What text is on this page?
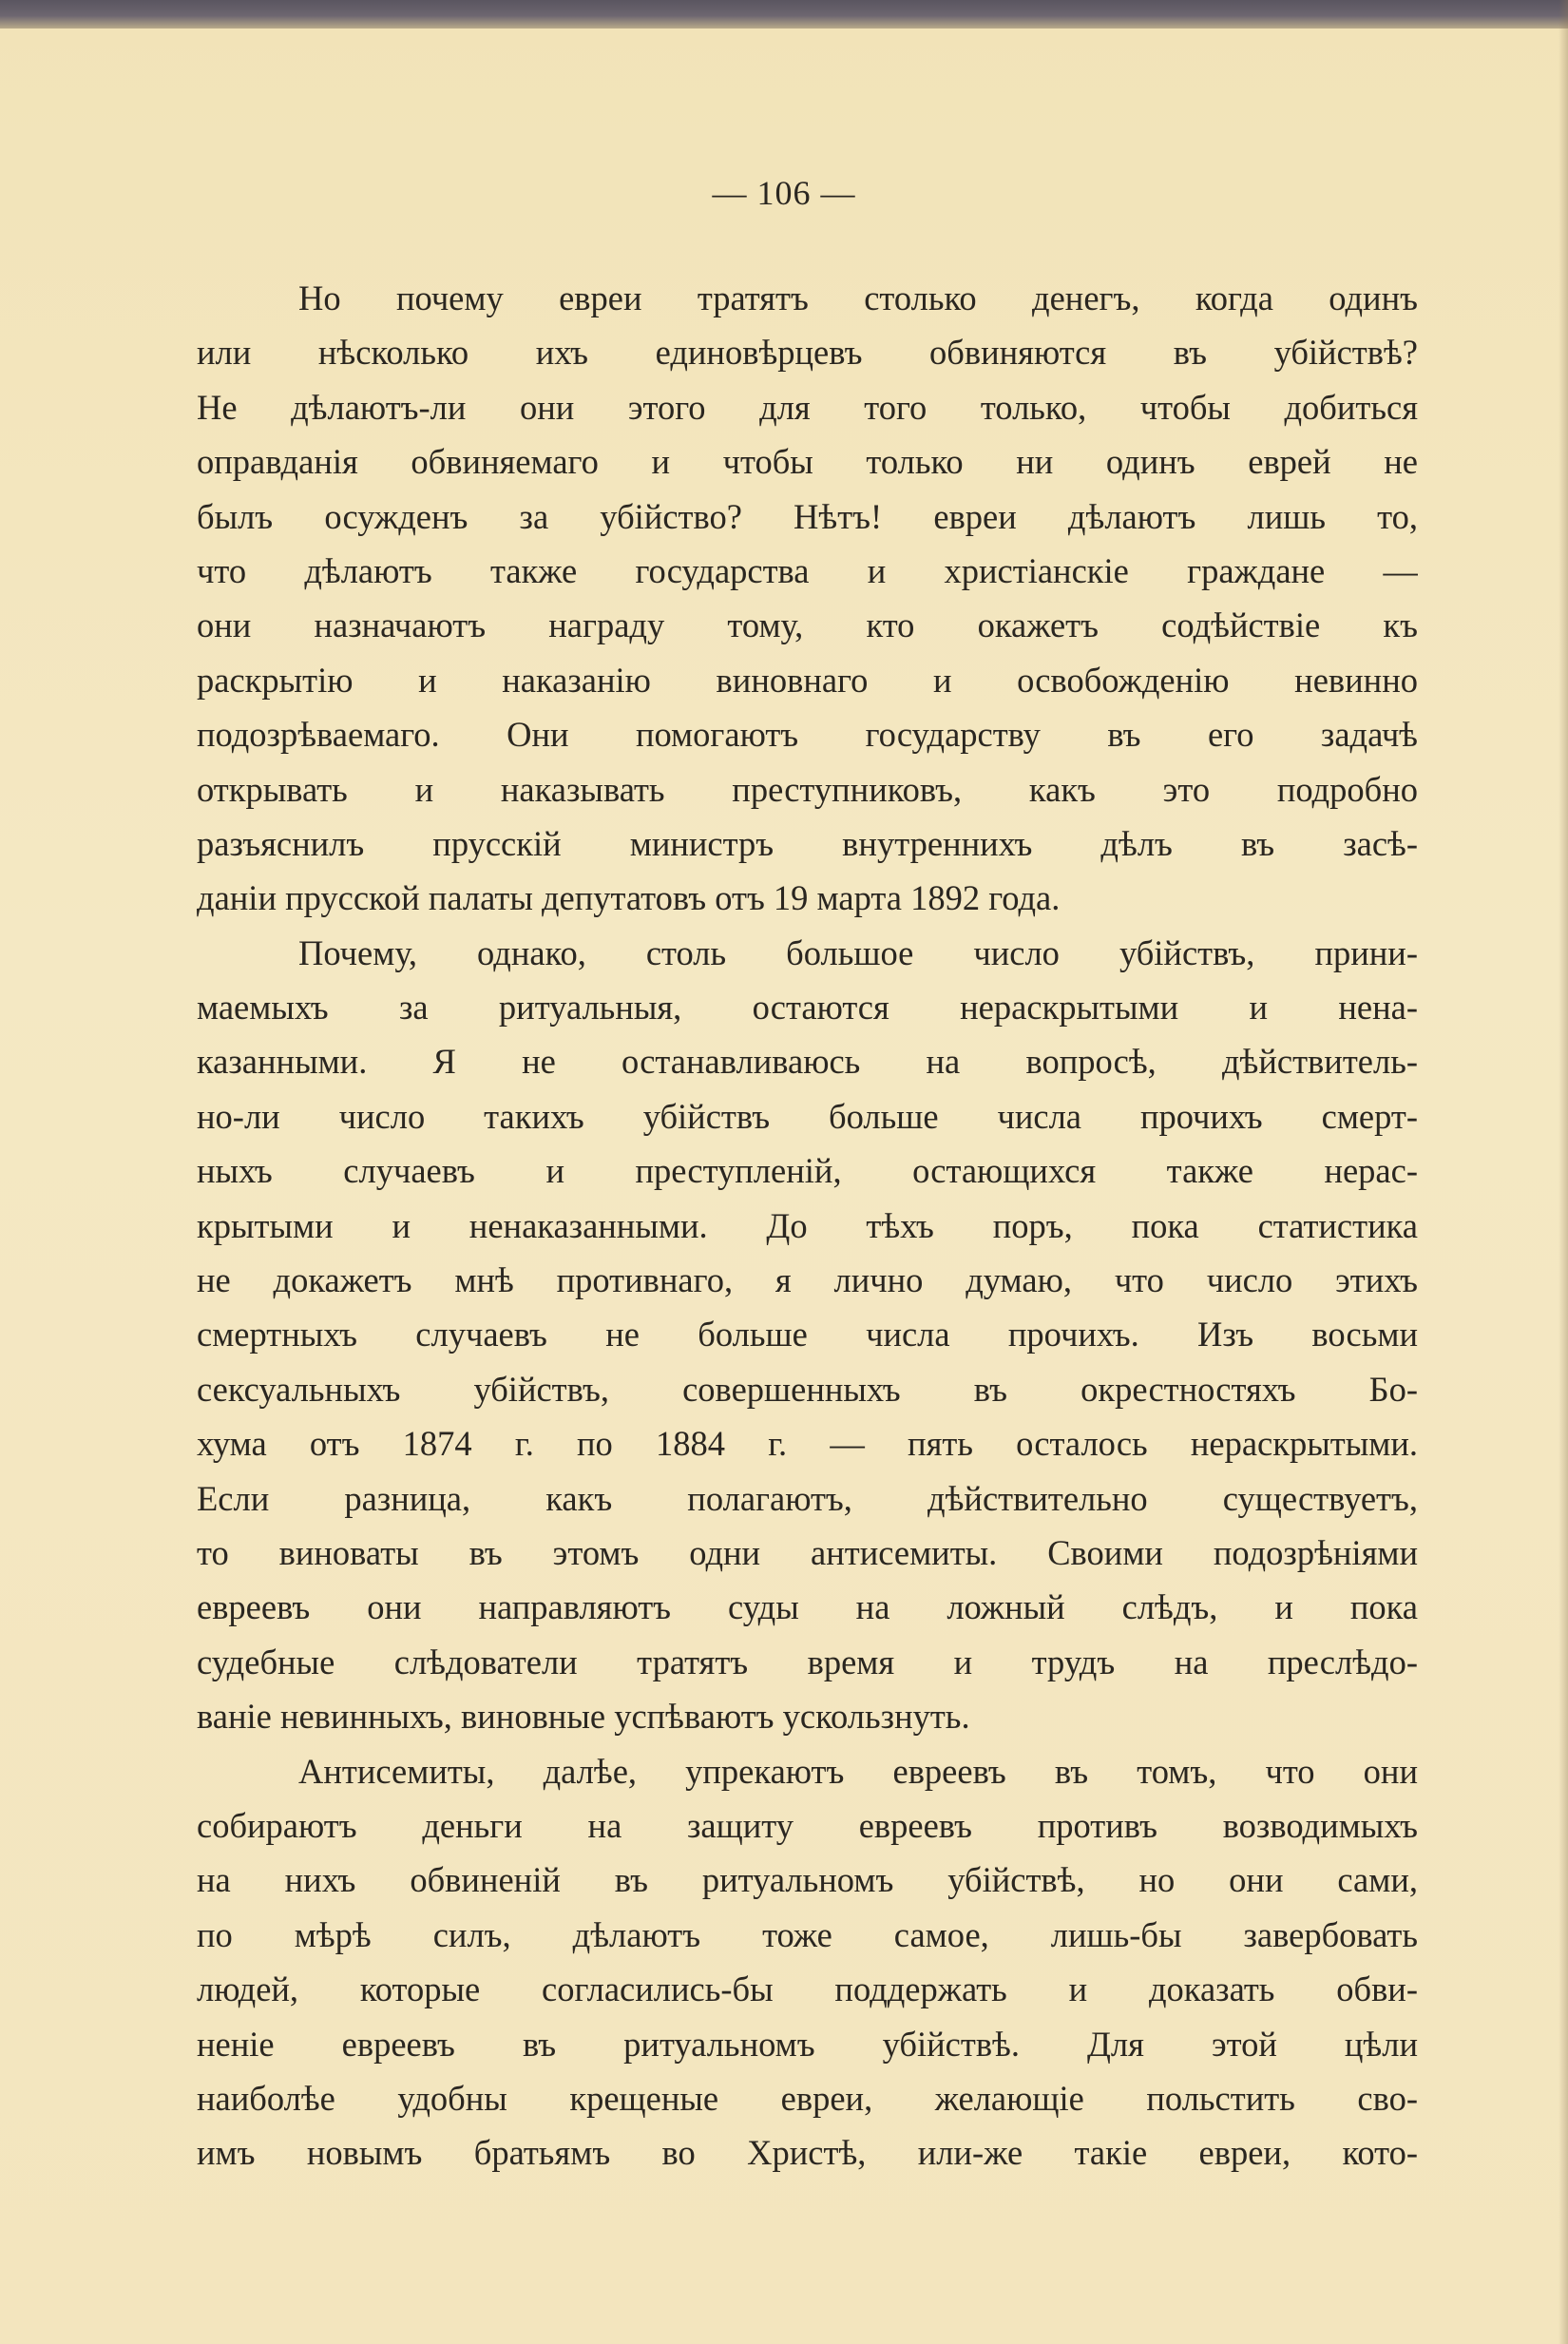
— 106 —
Но почему евреи тратятъ столько денегъ, когда одинъ
или нѣсколько ихъ единовѣрцевъ обвиняются въ убійствѣ?
Не дѣлаютъ-ли они этого для того только, чтобы добиться
оправданія обвиняемаго и чтобы только ни одинъ еврей не
былъ осужденъ за убійство? Нѣтъ! евреи дѣлаютъ лишь то,
что дѣлаютъ также государства и христіанскіе граждане —
они назначаютъ награду тому, кто окажетъ содѣйствіе къ
раскрытію и наказанію виновнаго и освобожденію невинно
подозрѣваемаго. Они помогаютъ государству въ его задачѣ
открывать и наказывать преступниковъ, какъ это подробно
разъяснилъ прусскій министръ внутреннихъ дѣлъ въ засѣ-
даніи прусской палаты депутатовъ отъ 19 марта 1892 года.
Почему, однако, столь большое число убійствъ, прини-
маемыхъ за ритуальныя, остаются нераскрытыми и нена-
казанными. Я не останавливаюсь на вопросѣ, дѣйствитель-
но-ли число такихъ убійствъ больше числа прочихъ смерт-
ныхъ случаевъ и преступленій, остающихся также нерас-
крытыми и ненаказанными. До тѣхъ поръ, пока статистика
не докажетъ мнѣ противнаго, я лично думаю, что число этихъ
смертныхъ случаевъ не больше числа прочихъ. Изъ восьми
сексуальныхъ убійствъ, совершенныхъ въ окрестностяхъ Бо-
хума отъ 1874 г. по 1884 г. — пять осталось нераскрытыми.
Если разница, какъ полагаютъ, дѣйствительно существуетъ,
то виноваты въ этомъ одни антисемиты. Своими подозрѣніями
евреевъ они направляютъ суды на ложный слѣдъ, и пока
судебные слѣдователи тратятъ время и трудъ на преслѣдо-
ваніе невинныхъ, виновные успѣваютъ ускользнуть.
Антисемиты, далѣе, упрекаютъ евреевъ въ томъ, что они
собираютъ деньги на защиту евреевъ противъ возводимыхъ
на нихъ обвиненій въ ритуальномъ убійствѣ, но они сами,
по мѣрѣ силъ, дѣлаютъ тоже самое, лишь-бы завербовать
людей, которые согласились-бы поддержать и доказать обви-
неніе евреевъ въ ритуальномъ убійствѣ. Для этой цѣли
наиболѣе удобны крещеные евреи, желающіе польстить сво-
имъ новымъ братьямъ во Христѣ, или-же такіе евреи, кото-
